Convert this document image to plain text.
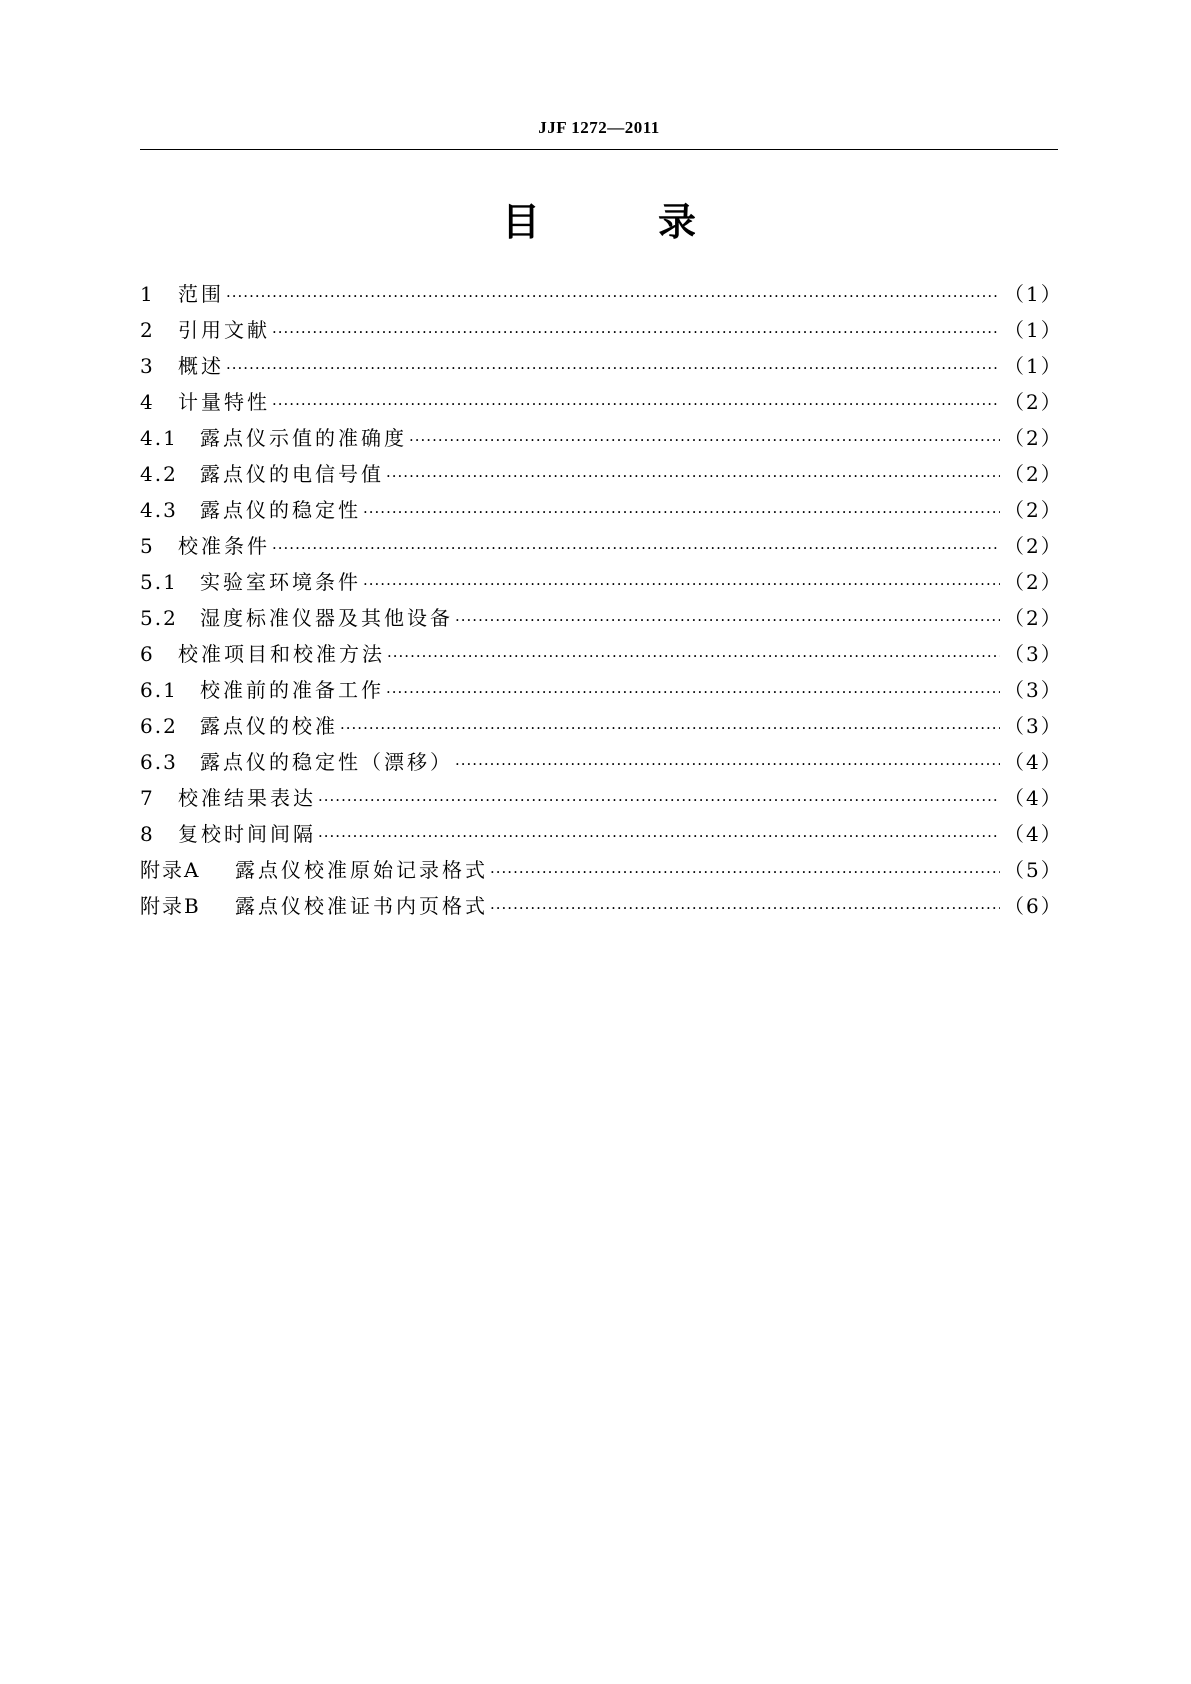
JJF 1272—2011
目	录
1	范围 ·····	（1）
2	引用文献 ·····	（1）
3	概述 ·····	（1）
4	计量特性 ·····	（2）
4.1	露点仪示值的准确度 ·····	（2）
4.2	露点仪的电信号值 ·····	（2）
4.3	露点仪的稳定性 ·····	（2）
5	校准条件 ·····	（2）
5.1	实验室环境条件 ·····	（2）
5.2	湿度标准仪器及其他设备 ·····	（2）
6	校准项目和校准方法 ·····	（3）
6.1	校准前的准备工作 ·····	（3）
6.2	露点仪的校准 ·····	（3）
6.3	露点仪的稳定性（漂移） ·····	（4）
7	校准结果表达 ·····	（4）
8	复校时间间隔 ·····	（4）
附录A	露点仪校准原始记录格式 ·····	（5）
附录B	露点仪校准证书内页格式 ·····	（6）
